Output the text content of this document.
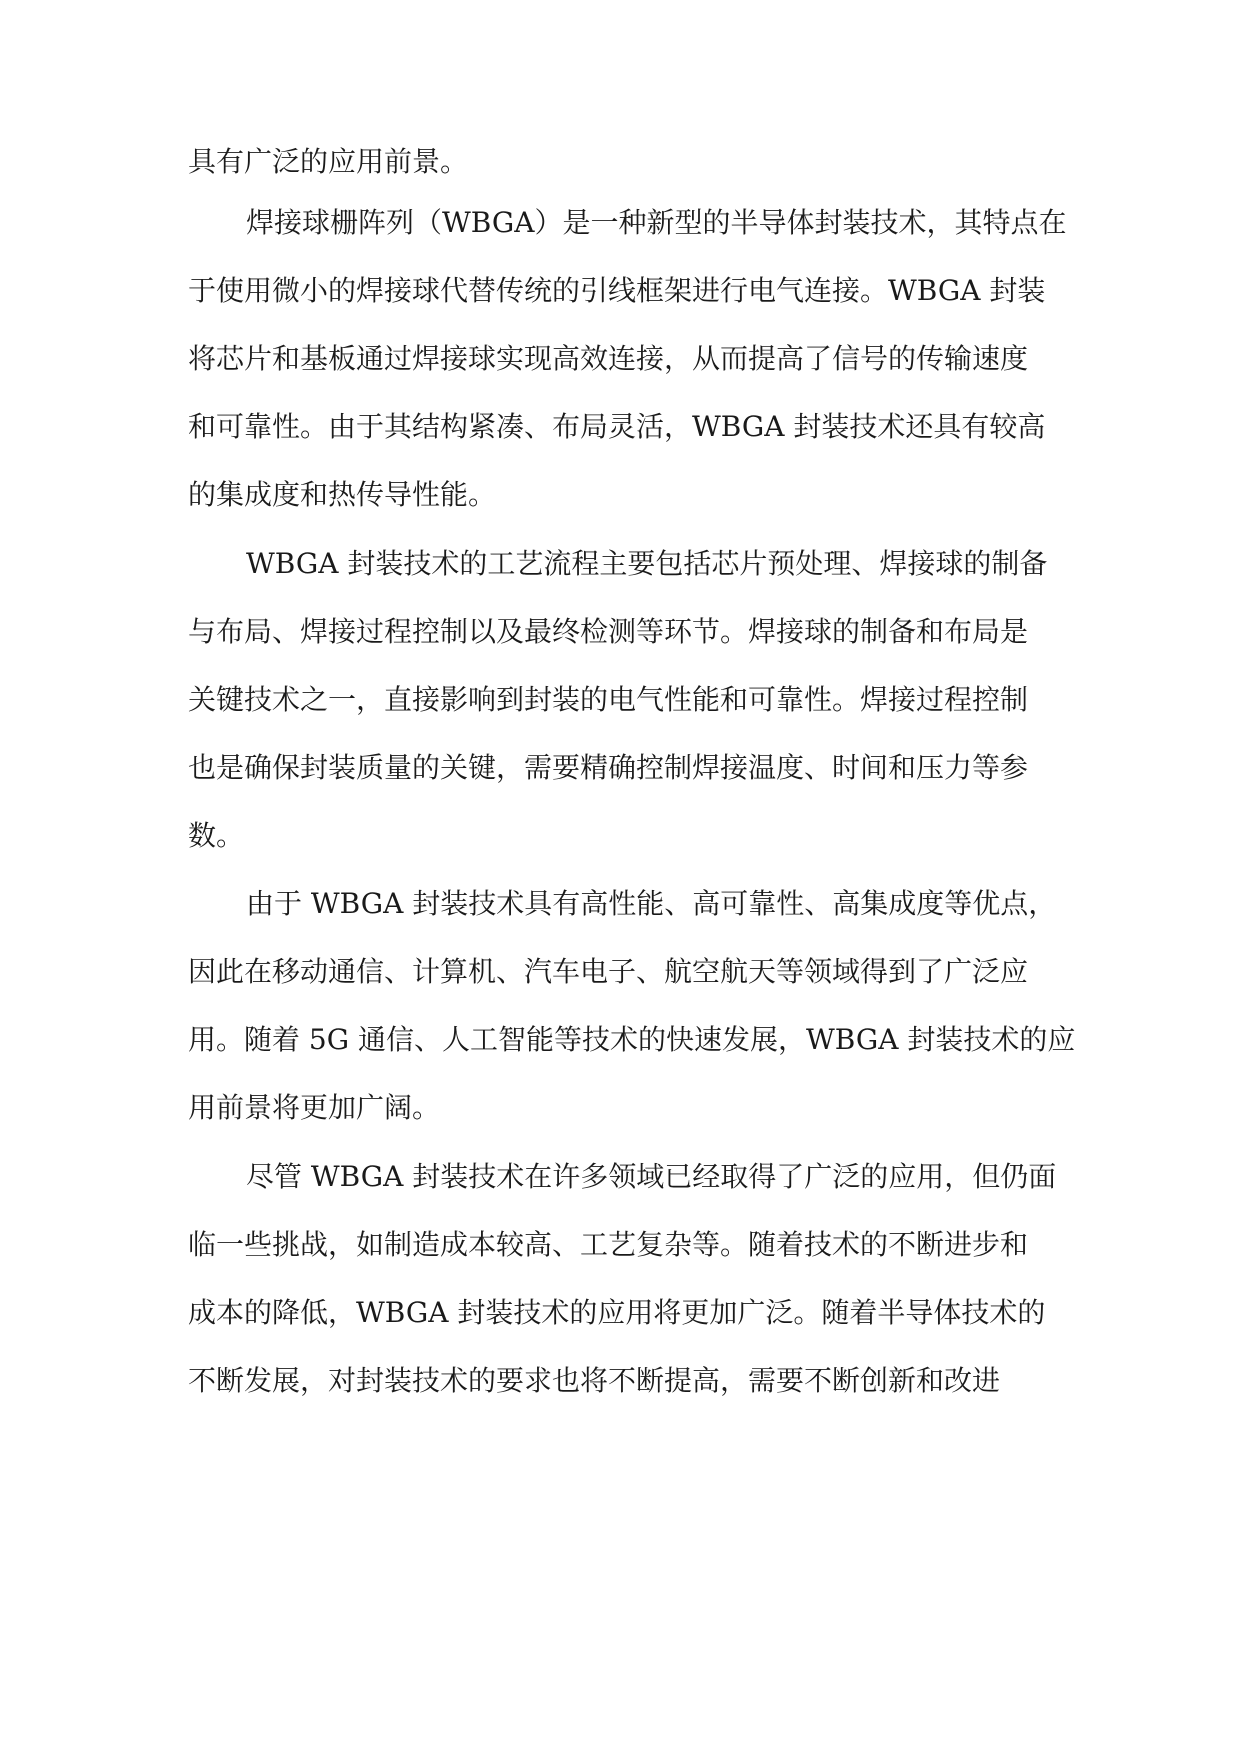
具有广泛的应用前景。
焊接球栅阵列（WBGA）是一种新型的半导体封装技术，其特点在
于使用微小的焊接球代替传统的引线框架进行电气连接。WBGA 封装
将芯片和基板通过焊接球实现高效连接，从而提高了信号的传输速度
和可靠性。由于其结构紧凑、布局灵活，WBGA 封装技术还具有较高
的集成度和热传导性能。
WBGA 封装技术的工艺流程主要包括芯片预处理、焊接球的制备
与布局、焊接过程控制以及最终检测等环节。焊接球的制备和布局是
关键技术之一，直接影响到封装的电气性能和可靠性。焊接过程控制
也是确保封装质量的关键，需要精确控制焊接温度、时间和压力等参
数。
由于 WBGA 封装技术具有高性能、高可靠性、高集成度等优点，
因此在移动通信、计算机、汽车电子、航空航天等领域得到了广泛应
用。随着 5G 通信、人工智能等技术的快速发展，WBGA 封装技术的应
用前景将更加广阔。
尽管 WBGA 封装技术在许多领域已经取得了广泛的应用，但仍面
临一些挑战，如制造成本较高、工艺复杂等。随着技术的不断进步和
成本的降低，WBGA 封装技术的应用将更加广泛。随着半导体技术的
不断发展，对封装技术的要求也将不断提高，需要不断创新和改进
